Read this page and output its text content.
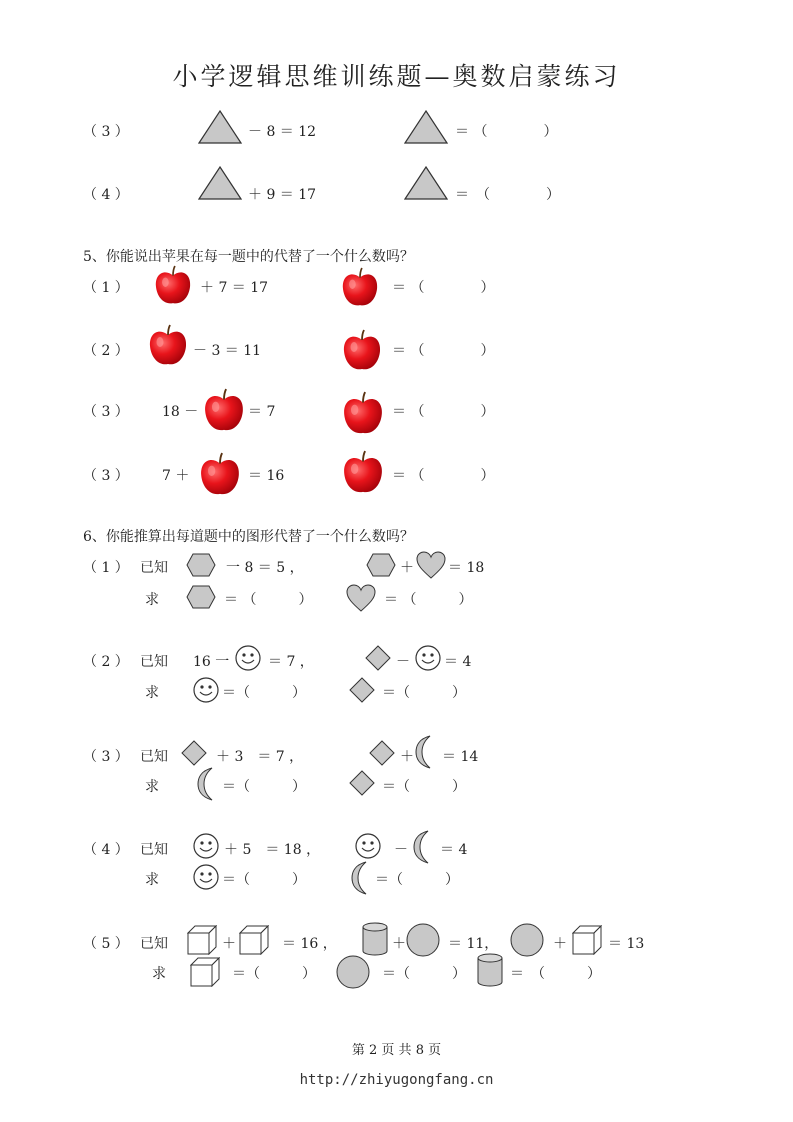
小学逻辑思维训练题—奥数启蒙练习
（ 3 ）	－ 8 ＝ 12	＝ （　　　　）
（ 4 ）	＋ 9 ＝ 17	＝　（　　　　）
5、你能说出苹果在每一题中的代替了一个什么数吗？
（ 1 ）	＋ 7 ＝ 17	＝ （　　　　）
（ 2 ）	－ 3 ＝ 11	＝ （　　　　）
（ 3 ） 18 －	＝ 7	＝ （　　　　）
（ 3 ） 7 ＋	＝ 16	＝ （　　　　）
6、你能推算出每道题中的图形代替了一个什么数吗？
（ 1 ） 已知	一 8 ＝ 5 ，	＋ ＝ 18
求	＝ （　　　）	＝ （　　　）
（ 2 ） 已知 16 一	＝ 7 ，	－ ＝ 4
求	＝（　　　）	＝（　　　）
（ 3 ） 已知	＋ 3　＝ 7 ，	＋ ＝ 14
求	＝（　　　）	＝（　　　）
（ 4 ） 已知	＋ 5　＝ 18 ，	－ ＝ 4
求	＝（　　　）	＝（　　　）
（ 5 ） 已知	＋	＝ 16 ，	＋	＝ 11，	＋	＝ 13
求	＝（　　　）	＝（　　　）	＝　（　　　）
第 2 页 共 8 页
http://zhiyugongfang.cn
